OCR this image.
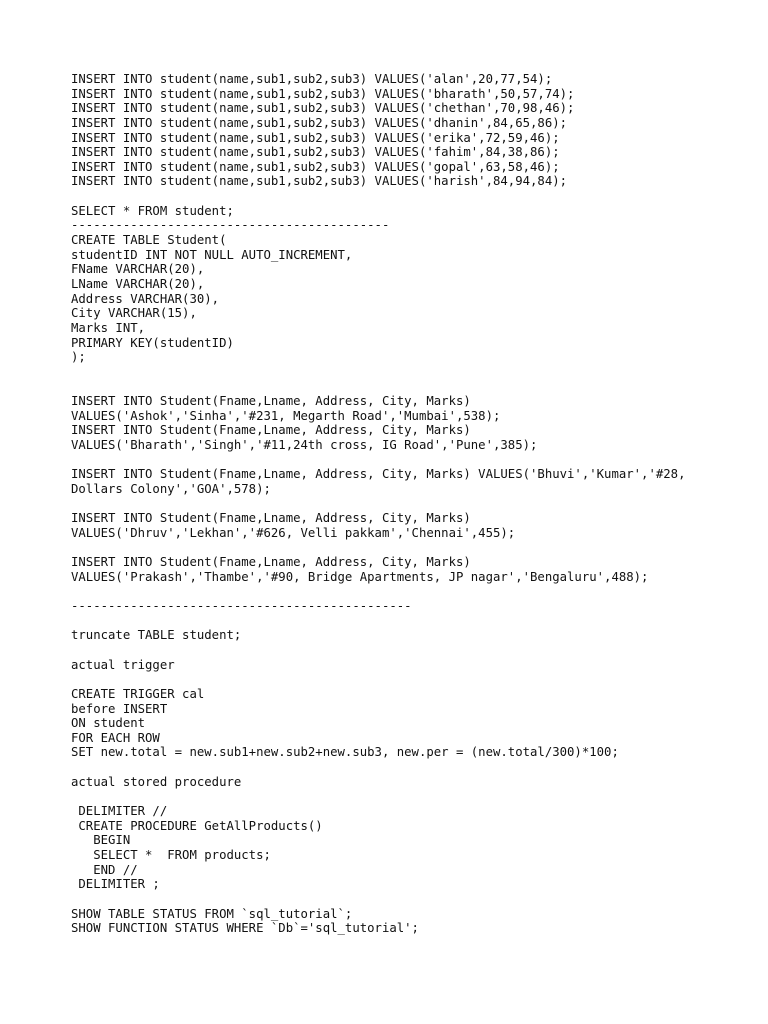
INSERT INTO student(name,sub1,sub2,sub3) VALUES('alan',20,77,54);
INSERT INTO student(name,sub1,sub2,sub3) VALUES('bharath',50,57,74);
INSERT INTO student(name,sub1,sub2,sub3) VALUES('chethan',70,98,46);
INSERT INTO student(name,sub1,sub2,sub3) VALUES('dhanin',84,65,86);
INSERT INTO student(name,sub1,sub2,sub3) VALUES('erika',72,59,46);
INSERT INTO student(name,sub1,sub2,sub3) VALUES('fahim',84,38,86);
INSERT INTO student(name,sub1,sub2,sub3) VALUES('gopal',63,58,46);
INSERT INTO student(name,sub1,sub2,sub3) VALUES('harish',84,94,84);
SELECT * FROM student;
-------------------------------------------
CREATE TABLE Student(
studentID INT NOT NULL AUTO_INCREMENT,
FName VARCHAR(20),
LName VARCHAR(20),
Address VARCHAR(30),
City VARCHAR(15),
Marks INT,
PRIMARY KEY(studentID)
);
INSERT INTO Student(Fname,Lname, Address, City, Marks)
VALUES('Ashok','Sinha','#231, Megarth Road','Mumbai',538);
INSERT INTO Student(Fname,Lname, Address, City, Marks)
VALUES('Bharath','Singh','#11,24th cross, IG Road','Pune',385);
INSERT INTO Student(Fname,Lname, Address, City, Marks) VALUES('Bhuvi','Kumar','#28,
Dollars Colony','GOA',578);
INSERT INTO Student(Fname,Lname, Address, City, Marks)
VALUES('Dhruv','Lekhan','#626, Velli pakkam','Chennai',455);
INSERT INTO Student(Fname,Lname, Address, City, Marks)
VALUES('Prakash','Thambe','#90, Bridge Apartments, JP nagar','Bengaluru',488);
----------------------------------------------
truncate TABLE student;
actual trigger
CREATE TRIGGER cal
before INSERT
ON student
FOR EACH ROW
SET new.total = new.sub1+new.sub2+new.sub3, new.per = (new.total/300)*100;
actual stored procedure
DELIMITER //
CREATE PROCEDURE GetAllProducts()
BEGIN
SELECT *  FROM products;
END //
DELIMITER ;
SHOW TABLE STATUS FROM `sql_tutorial`;
SHOW FUNCTION STATUS WHERE `Db`='sql_tutorial';
